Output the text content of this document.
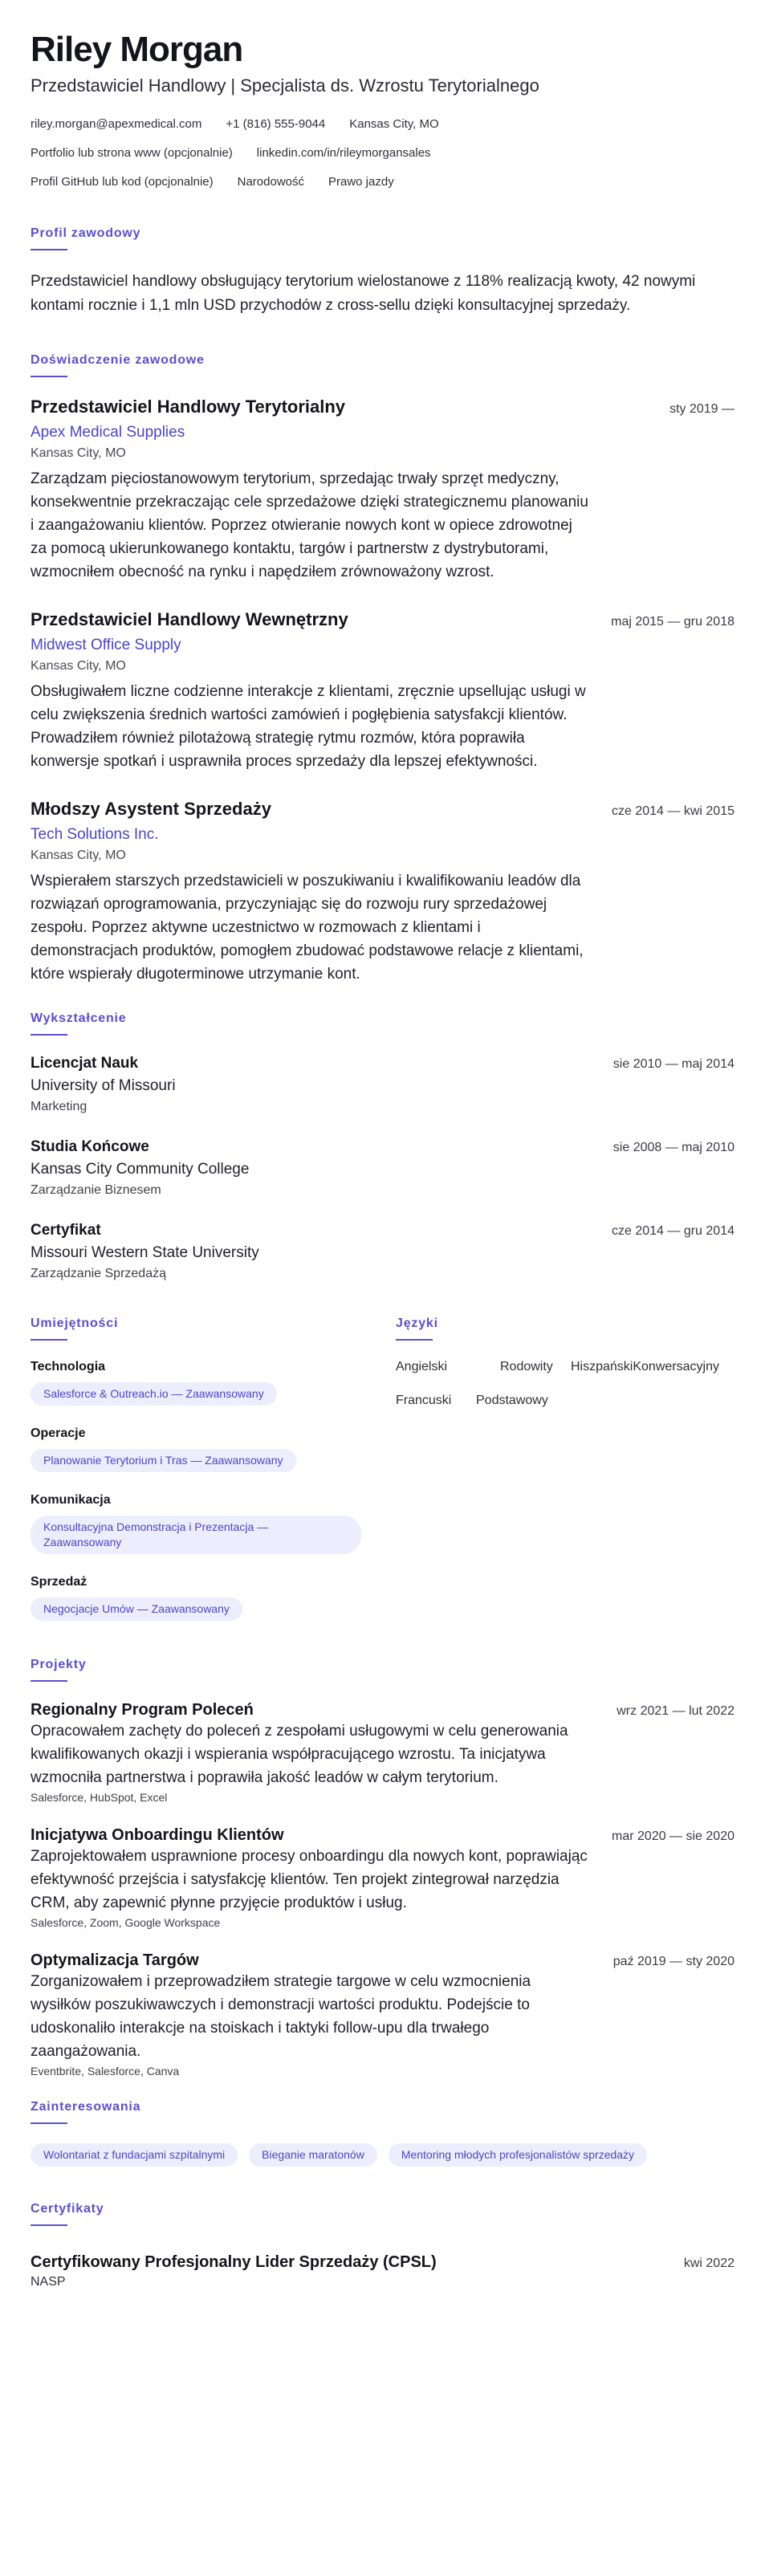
Riley Morgan
Przedstawiciel Handlowy | Specjalista ds. Wzrostu Terytorialnego
riley.morgan@apexmedical.com +1 (816) 555-9044 Kansas City, MO
Portfolio lub strona www (opcjonalnie) linkedin.com/in/rileymorgansales
Profil GitHub lub kod (opcjonalnie) Narodowość Prawo jazdy
Profil zawodowy

Przedstawiciel handlowy obsługujący terytorium wielostanowe z 118% realizacją kwoty, 42 nowymi kontami rocznie i 1,1 mln USD przychodów z cross-sellu dzięki konsultacyjnej sprzedaży.

Doświadczenie zawodowe
Przedstawiciel Handlowy Terytorialny	sty 2019 —
Apex Medical Supplies
Kansas City, MO
Zarządzam pięciostanowowym terytorium, sprzedając trwały sprzęt medyczny, konsekwentnie przekraczając cele sprzedażowe dzięki strategicznemu planowaniu i zaangażowaniu klientów. Poprzez otwieranie nowych kont w opiece zdrowotnej za pomocą ukierunkowanego kontaktu, targów i partnerstw z dystrybutorami, wzmocniłem obecność na rynku i napędziłem zrównoważony wzrost.
Przedstawiciel Handlowy Wewnętrzny	maj 2015 — gru 2018
Midwest Office Supply
Kansas City, MO
Obsługiwałem liczne codzienne interakcje z klientami, zręcznie upsellując usługi w celu zwiększenia średnich wartości zamówień i pogłębienia satysfakcji klientów. Prowadziłem również pilotażową strategię rytmu rozmów, która poprawiła konwersje spotkań i usprawniła proces sprzedaży dla lepszej efektywności.
Młodszy Asystent Sprzedaży	cze 2014 — kwi 2015
Tech Solutions Inc.
Kansas City, MO
Wspierałem starszych przedstawicieli w poszukiwaniu i kwalifikowaniu leadów dla rozwiązań oprogramowania, przyczyniając się do rozwoju rury sprzedażowej zespołu. Poprzez aktywne uczestnictwo w rozmowach z klientami i demonstracjach produktów, pomogłem zbudować podstawowe relacje z klientami, które wspierały długoterminowe utrzymanie kont.
Wykształcenie
Licencjat Nauk	sie 2010 — maj 2014
University of Missouri
Marketing
Studia Końcowe	sie 2008 — maj 2010
Kansas City Community College
Zarządzanie Biznesem
Certyfikat	cze 2014 — gru 2014
Missouri Western State University
Zarządzanie Sprzedażą
Umiejętności
Technologia
Salesforce & Outreach.io — Zaawansowany
Operacje
Planowanie Terytorium i Tras — Zaawansowany
Komunikacja
Konsultacyjna Demonstracja i Prezentacja — Zaawansowany
Sprzedaż
Negocjacje Umów — Zaawansowany
Języki
Angielski	Rodowity	Hiszpański Konwersacyjny
Francuski	Podstawowy
Projekty
Regionalny Program Poleceń	wrz 2021 — lut 2022
Opracowałem zachęty do poleceń z zespołami usługowymi w celu generowania kwalifikowanych okazji i wspierania współpracującego wzrostu. Ta inicjatywa wzmocniła partnerstwa i poprawiła jakość leadów w całym terytorium.
Salesforce, HubSpot, Excel
Inicjatywa Onboardingu Klientów	mar 2020 — sie 2020
Zaprojektowałem usprawnione procesy onboardingu dla nowych kont, poprawiając efektywność przejścia i satysfakcję klientów. Ten projekt zintegrował narzędzia CRM, aby zapewnić płynne przyjęcie produktów i usług.
Salesforce, Zoom, Google Workspace
Optymalizacja Targów	paź 2019 — sty 2020
Zorganizowałem i przeprowadziłem strategie targowe w celu wzmocnienia wysiłków poszukiwawczych i demonstracji wartości produktu. Podejście to udoskonaliło interakcje na stoiskach i taktyki follow-upu dla trwałego zaangażowania.
Eventbrite, Salesforce, Canva
Zainteresowania
Wolontariat z fundacjami szpitalnymi	Bieganie maratonów	Mentoring młodych profesjonalistów sprzedaży
Certyfikaty
Certyfikowany Profesjonalny Lider Sprzedaży (CPSL)	kwi 2022
NASP
